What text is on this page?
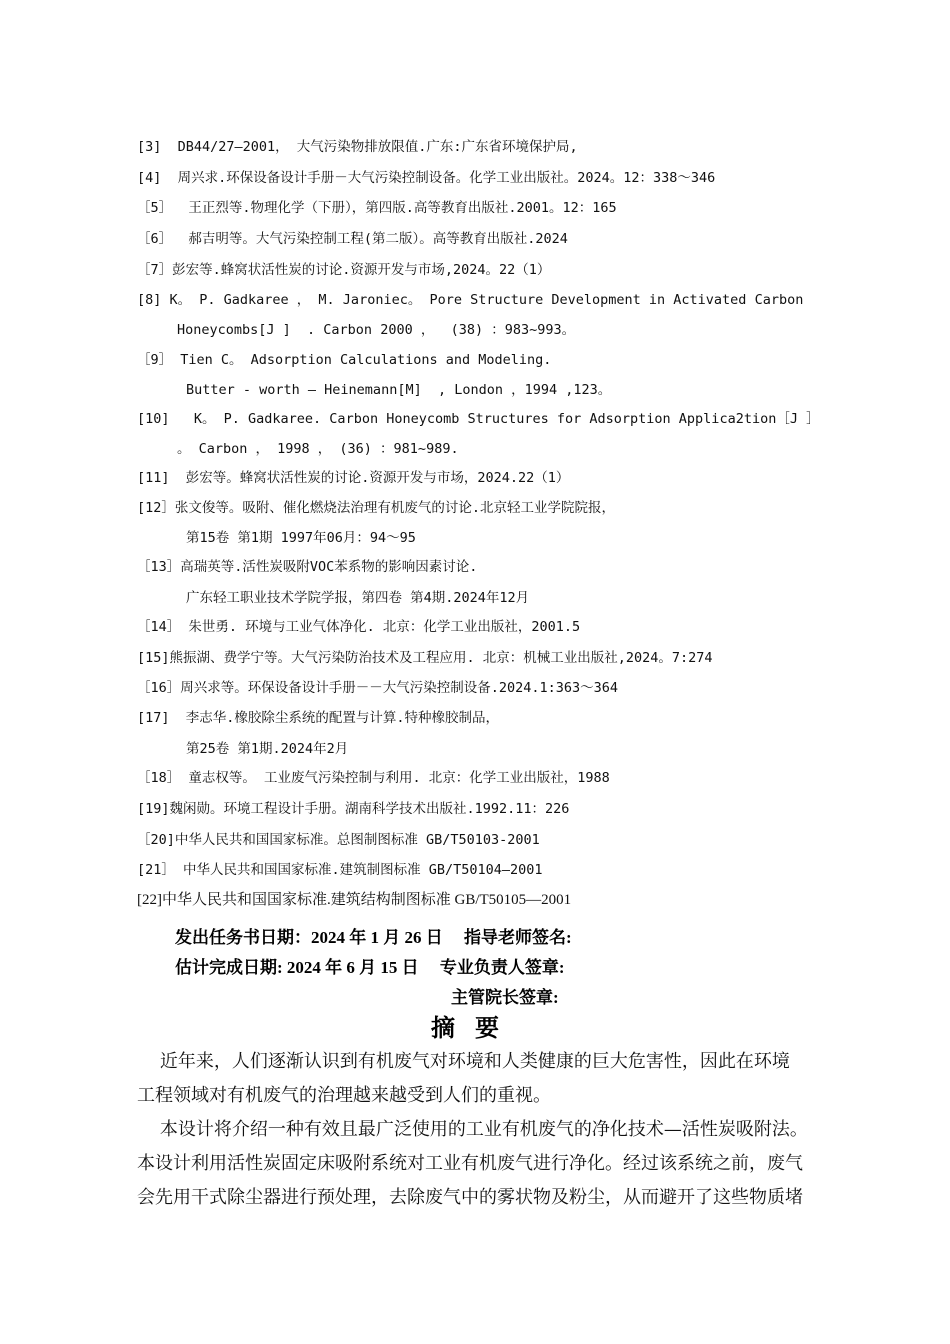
[3]  DB44/27—2001， 大气污染物排放限值.广东:广东省环境保护局,
[4]  周兴求.环保设备设计手册－大气污染控制设备。化学工业出版社。2024。12：338～346
［5］  王正烈等.物理化学（下册），第四版.高等教育出版社.2001。12：165
［6］  郝吉明等。大气污染控制工程(第二版）。高等教育出版社.2024
［7］彭宏等.蜂窝状活性炭的讨论.资源开发与市场,2024。22（1）
[8] K。 P. Gadkaree ， M. Jaroniec。 Pore Structure Development in Activated Carbon
Honeycombs[J ]  . Carbon 2000 ，  (38) ：983~993。
［9］ Tien C。 Adsorption Calculations and Modeling.
Butter - worth — Heinemann[M]  , London ，1994 ,123。
[10]   K。 P. Gadkaree. Carbon Honeycomb Structures for Adsorption Applica2tion［J ］
。 Carbon ， 1998 ， (36) ：981~989.
[11]  彭宏等。蜂窝状活性炭的讨论.资源开发与市场，2024.22（1）
[12］张文俊等。吸附、催化燃烧法治理有机废气的讨论.北京轻工业学院院报，
第15卷 第1期 1997年06月：94～95
［13］高瑞英等.活性炭吸附VOC苯系物的影响因素讨论.
广东轻工职业技术学院学报，第四卷 第4期.2024年12月
［14］ 朱世勇. 环境与工业气体净化. 北京：化学工业出版社，2001.5
[15]熊振湖、费学宁等。大气污染防治技术及工程应用. 北京：机械工业出版社,2024。7:274
［16］周兴求等。环保设备设计手册－－大气污染控制设备.2024.1:363～364
[17]  李志华.橡胶除尘系统的配置与计算.特种橡胶制品，
第25卷 第1期.2024年2月
［18］ 童志权等。 工业废气污染控制与利用. 北京：化学工业出版社，1988
[19]魏闲勋。环境工程设计手册。湖南科学技术出版社.1992.11：226
［20]中华人民共和国国家标准。总图制图标准 GB/T50103-2001
[21］ 中华人民共和国国家标准.建筑制图标准 GB/T50104—2001
[22]中华人民共和国国家标准.建筑结构制图标准 GB/T50105—2001
发出任务书日期：2024 年 1 月 26 日     指导老师签名:
估计完成日期: 2024 年 6 月 15 日     专业负责人签章:
主管院长签章:
摘要
近年来，人们逐渐认识到有机废气对环境和人类健康的巨大危害性，因此在环境
工程领域对有机废气的治理越来越受到人们的重视。
本设计将介绍一种有效且最广泛使用的工业有机废气的净化技术—活性炭吸附法。
本设计利用活性炭固定床吸附系统对工业有机废气进行净化。经过该系统之前，废气
会先用干式除尘器进行预处理，去除废气中的雾状物及粉尘，从而避开了这些物质堵
